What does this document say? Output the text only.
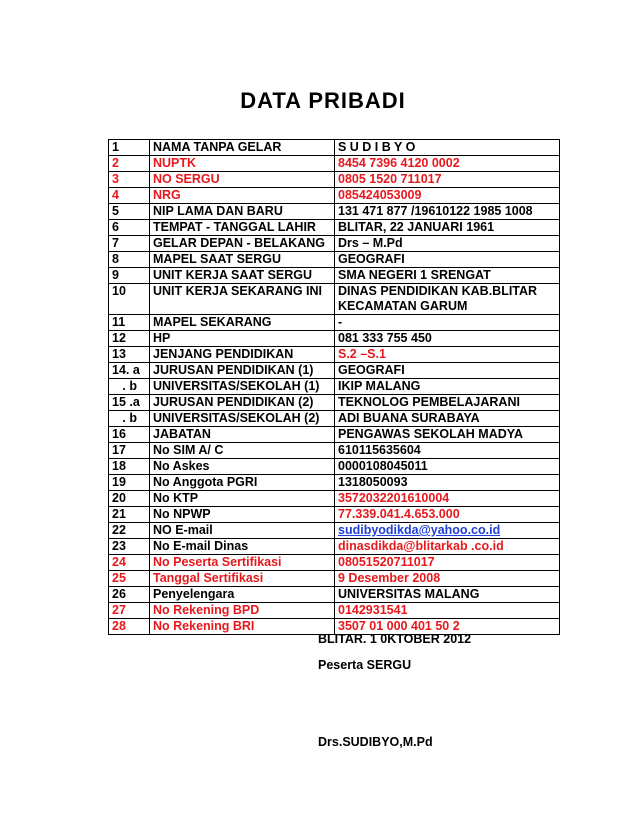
DATA PRIBADI
1	NAMA TANPA GELAR	S U D I B Y O
2	NUPTK	8454 7396 4120 0002
3	NO SERGU	0805 1520 711017
4	NRG	085424053009
5	NIP LAMA DAN BARU	131 471 877 /19610122 1985 1008
6	TEMPAT - TANGGAL LAHIR	BLITAR, 22 JANUARI 1961
7	GELAR DEPAN - BELAKANG	Drs – M.Pd
8	MAPEL SAAT SERGU	GEOGRAFI
9	UNIT KERJA SAAT SERGU	SMA NEGERI 1 SRENGAT
10	UNIT KERJA SEKARANG INI	DINAS PENDIDIKAN KAB.BLITAR
KECAMATAN GARUM

11	MAPEL SEKARANG	-
12	HP	081 333 755 450
13	JENJANG PENDIDIKAN	S.2 –S.1
14. a	JURUSAN PENDIDIKAN (1)	GEOGRAFI
. b	UNIVERSITAS/SEKOLAH (1)	IKIP MALANG
15 .a	JURUSAN PENDIDIKAN (2)	TEKNOLOG PEMBELAJARANI
. b	UNIVERSITAS/SEKOLAH (2)	ADI BUANA SURABAYA
16	JABATAN	PENGAWAS SEKOLAH MADYA
17	No SIM A/ C	610115635604
18	No Askes	0000108045011
19	No Anggota PGRI	1318050093
20	No KTP	3572032201610004
21	No NPWP	77.339.041.4.653.000
22	NO E-mail	sudibyodikda@yahoo.co.id
23	No E-mail Dinas	dinasdikda@blitarkab .co.id
24	No Peserta Sertifikasi	08051520711017
25	Tanggal Sertifikasi	9 Desember 2008
26	Penyelengara	UNIVERSITAS MALANG
27	No Rekening BPD	0142931541
28	No Rekening BRI	3507 01 000 401 50 2
BLITAR. 1 0KTOBER 2012
Peserta SERGU
Drs.SUDIBYO,M.Pd
